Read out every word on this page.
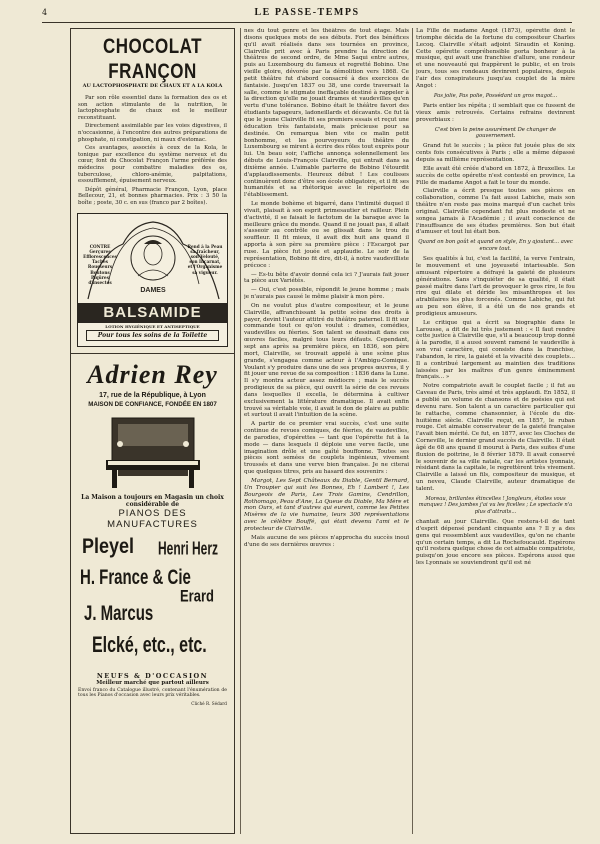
4	LE PASSE-TEMPS
CHOCOLAT FRANÇON
AU LACTOPHOSPHATE DE CHAUX ET A LA KOLA

Par son rôle essentiel dans la formation des os et son action stimulante de la nutrition, le lactophosphate de chaux est le meilleur reconstituant.

Directement assimilable par les voies digestives, il n'occasionne, à l'encontre des autres préparations de phosphate, ni constipation, ni maux d'estomac.

Ces avantages, associés à ceux de la Kola, le tonique par excellence du système nerveux et du cœur, font du Chocolat Françon l'arme préférée des médecins pour combattre maladies des os, tuberculose, chloro-anémie, palpitations, essoufflement, épuisement nerveux.

Dépôt général, Pharmacie Françon, Lyon, place Bellecour, 21, et bonnes pharmacies. Prix : 3 50 la boîte ; poste, 30 c. en sus (franco par 2 boîtes).

DAMES
CONTRE Gerçures Efflorescences Taches Rousseurs Boutons Piqûres d'insectes
Rend à la Peau sa fraîcheur, son Velouté, son Incarnat, et l'Organisme sa vigueur.
BALSAMIDE
LOTION HYGIÉNIQUE ET ANTISEPTIQUE
Pour tous les soins de la Toilette
Adrien Rey
17, rue de la République, à Lyon
MAISON DE CONFIANCE, FONDÉE EN 1807
La Maison a toujours en Magasin un choix considérable de
PIANOS DES MANUFACTURES
Pleyel Henri Herz
H. France & Cie
Erard
J. Marcus
Elcké, etc., etc.
NEUFS & D'OCCASION
Meilleur marché que partout ailleurs
Envoi franco du Catalogue illustré, contenant l'énumération de tous les Pianos d'occasion avec leurs prix véritables.
Cliché R. Sédard

nes du tout genre et les théâtres de tout étage. Mais disons quelques mots de ses débuts. Fort des bénéfices qu'il avait réalisés dans ses tournées en province, Clairville prit avec à Paris prendre la direction de théâtres de second ordre, de Mme Saqui entre autres, puis au Luxembourg du fameux et regretté Bobino. Une vieille gloire, dévorée par la démolition vers 1868. Ce petit théâtre fut d'abord consacré à des exercices de fantaisie. Jusqu'en 1837 ou 38, une corde traversait la salle, comme le stigmate ineffaçable destiné à rappeler à la direction qu'elle ne jouait drames et vaudevilles qu'en vertu d'une tolérance. Bobino était le théâtre favori des étudiants tapageurs, ladoneillards et décavants. Ce fut là que le jeune Clairville fit ses premiers essais et reçut une éducation très fantaisiste, mais précieuse pour sa destinée. On remarqua bien vite ce malin petit bonhomme, et les pourvoyeurs du théâtre du Luxembourg se mirent à écrire des rôles tout exprès pour lui. Un beau soir, l'affiche annonça solennellement les débuts de Louis-François Clairville, qui entrait dans sa dixième année. L'aimable parterre de Bobino l'étourdit d'applaudissements. Heureux début ! Les coulisses continuèrent donc d'être son école obligatoire, et il fit ses humanités et sa rhétorique avec le répertoire de l'établissement.

Le monde bohème et bigarré, dans l'intimité duquel il vivait, plaisait à son esprit primesautier et railleur. Plein d'activité, il se faisait le factotum de la baraque avec la meilleure grâce du monde. Quand il ne jouait pas, il allait s'asseoir au contrôle ou se glissait dans le trou du souffleur. Il fit mieux, il avait dix huit ans quand il apporta à son père sa première pièce : l'Escargot par ruse. La pièce fut jouée et applaudie. Le soir de la représentation, Bobino fit dire, dit-il, à notre vaudevilliste précoce :

— Es-tu bête d'avoir donné cela ici ? J'aurais fait jouer ta pièce aux Variétés.

— Oui, c'est possible, répondit le jeune homme ; mais je n'aurais pas causé le même plaisir à mon père.

On ne voulut plus d'autre compositeur, et le jeune Clairville, affranchissant la petite scène des droits à payer, devint l'auteur attitré du théâtre paternel. Il fit sur commande tout ce qu'on voulut : drames, comédies, vaudevilles ou féeries. Son talent se dessinait dans ces œuvres faciles, malgré tous leurs défauts. Cependant, sept ans après sa première pièce, en 1836, son père mort, Clairville, se trouvait appelé à une scène plus grande, s'engagea comme acteur à l'Ambigu-Comique. Voulant s'y produire dans une de ses propres œuvres, il y fit jouer une revue de sa composition : 1836 dans la Lune. Il s'y montra acteur assez médiocre ; mais le succès prodigieux de sa pièce, qui ouvrit la série de ces revues dans lesquelles il excella, le détermina à cultiver exclusivement la littérature dramatique. Il avait enfin trouvé sa véritable voie, il avait le don de plaire au public et surtout il avait l'intuition de la scène.

A partir de ce premier vrai succès, c'est une suite continue de revues comiques, de féeries, de vaudevilles, de parodies, d'opérettes — tant que l'opérette fut à la mode — dans lesquels il déploie une verve facile, une imagination drôle et une gaîté bouffonne. Toutes ses pièces sont semées de couplets ingénieux, vivement troussés et dans une verve bien française. Je ne citerai que quelques titres, pris au hasard des souvenirs :

Margot, Les Sept Châteaux du Diable, Gentil Bernard, Un Troupier qui suit les Bonnes, Eh ! Lambert !, Les Bourgeois de Paris, Les Trois Gamins, Cendrillon, Rothomago, Peau d'Ane, La Queue du Diable, Ma Mère et mon Ours, et tant d'autres qui eurent, comme les Petites Misères de la vie humaine, leurs 300 représentations avec le célèbre Bouffé, qui était devenu l'ami et le protecteur de Clairville.

Mais aucune de ses pièces n'approcha du succès inouï d'une de ses dernières œuvres :

La Fille de madame Angot (1873), opérette dont le triomphe décida de la fortune du compositeur Charles Lecoq. Clairville s'était adjoint Siraudin et Koning. Cette opérette compréhensible porta bonheur à la musique, qui avait une franchise d'allure, une rondeur et une nouveauté qui frappèrent le public, et en trois jours, tous ses rondeaux devinrent populaires, depuis l'air des conspirateurs jusqu'au couplet de la mère Angot :

Pas jolie, Pas polie, Possédant un gros magot...

Paris entier les répéta ; il semblait que ce fussent de vieux amis retrouvés. Certains refrains devinrent proverbiaux :

C'est bien la peine assurément De changer de gouvernement.

Grand fut le succès ; la pièce fut jouée plus de six cents fois consécutives à Paris ; elle a même dépassé depuis sa millième représentation.

Elle avait été créée d'abord en 1872, à Bruxelles. Le succès de cette opérette n'est contesté en province, La Fille de madame Angot a fait le tour du monde.

Clairville a écrit presque toutes ses pièces en collaboration, comme l'a fait aussi Labiche, mais son théâtre n'en reste pas moins marqué d'un cachet très original. Clairville cependant fut plus modeste et ne songea jamais à l'Académie ; il avait conscience de l'insuffisance de ses études premières. Son but était d'amuser et tout lui était bon.

Quand on bon goût et quand on style, En y ajoutant... avec encore tout.

Ses qualités à lui, c'est la facilité, la verve l'entrain, le mouvement et une joyeuseté intarissable. Son amusant répertoire a défrayé la gaieté de plusieurs générations. Sans s'inquiéter de sa qualité, il était passé maître dans l'art de provoquer le gros rire, le fou rire qui dilate et déride les misanthropes et les atrabilaires les plus forcenés. Comme Labiche, qui fut au peu son élève, il a été un de nos grands et prodigieux amuseurs.

Le critique qui a écrit sa biographie dans le Larousse, a dit de lui très justement : « Il faut rendre cette justice à Clairville que, s'il a beaucoup trop donné à la parodie, il a aussi souvent ramené le vaudeville à son vrai caractère, qui consiste dans la franchise, l'abandon, le rire, la gaieté et la vivacité des couplets... Il a contribué largement au maintien des traditions laissées par les maîtres d'un genre éminemment français... »

Notre compatriote avait le couplet facile ; il fut au Caveau de Paris, très aimé et très applaudi. En 1852, il a publié un volume de chansons et de poésies qui est devenu rare. Son talent a un caractère particulier qui le rattache, comme chansonnier, à l'école du dix-huitième siècle. Clairville reçut, en 1857, le ruban rouge. Cet aimable conservateur de la gaieté française l'avait bien mérité. Ce fut, en 1877, avec les Cloches de Corneville, le dernier grand succès de Clairville. Il était âgé de 68 ans quand il mourut à Paris, des suites d'une fluxion de poitrine, le 8 février 1879. Il avait conservé le souvenir de sa ville natale, car les artistes lyonnais, résidant dans la capitale, le regrettèrent très vivement. Clairville a laissé un fils, compositeur de musique, et un neveu, Claude Clairville, auteur dramatique de talent.

Moreau, brillantes étincelles ! Jongleurs, étoiles vous manquez ! Des jambes j'ai vu les ficelles ; Le spectacle n'a plus d'attraits...

chantait au jour Clairville. Que restera-t-il de tant d'esprit dépensé pendant cinquante ans ? Il y a des gens qui ressemblent aux vaudevilles, qu'on ne chante qu'un certain temps, a dit La Rochefoucauld. Espérons qu'il restera quelque chose de cet aimable compatriote, puisqu'on joue encore ses pièces. Espérons aussi que les Lyonnais se souviendront qu'il est né
